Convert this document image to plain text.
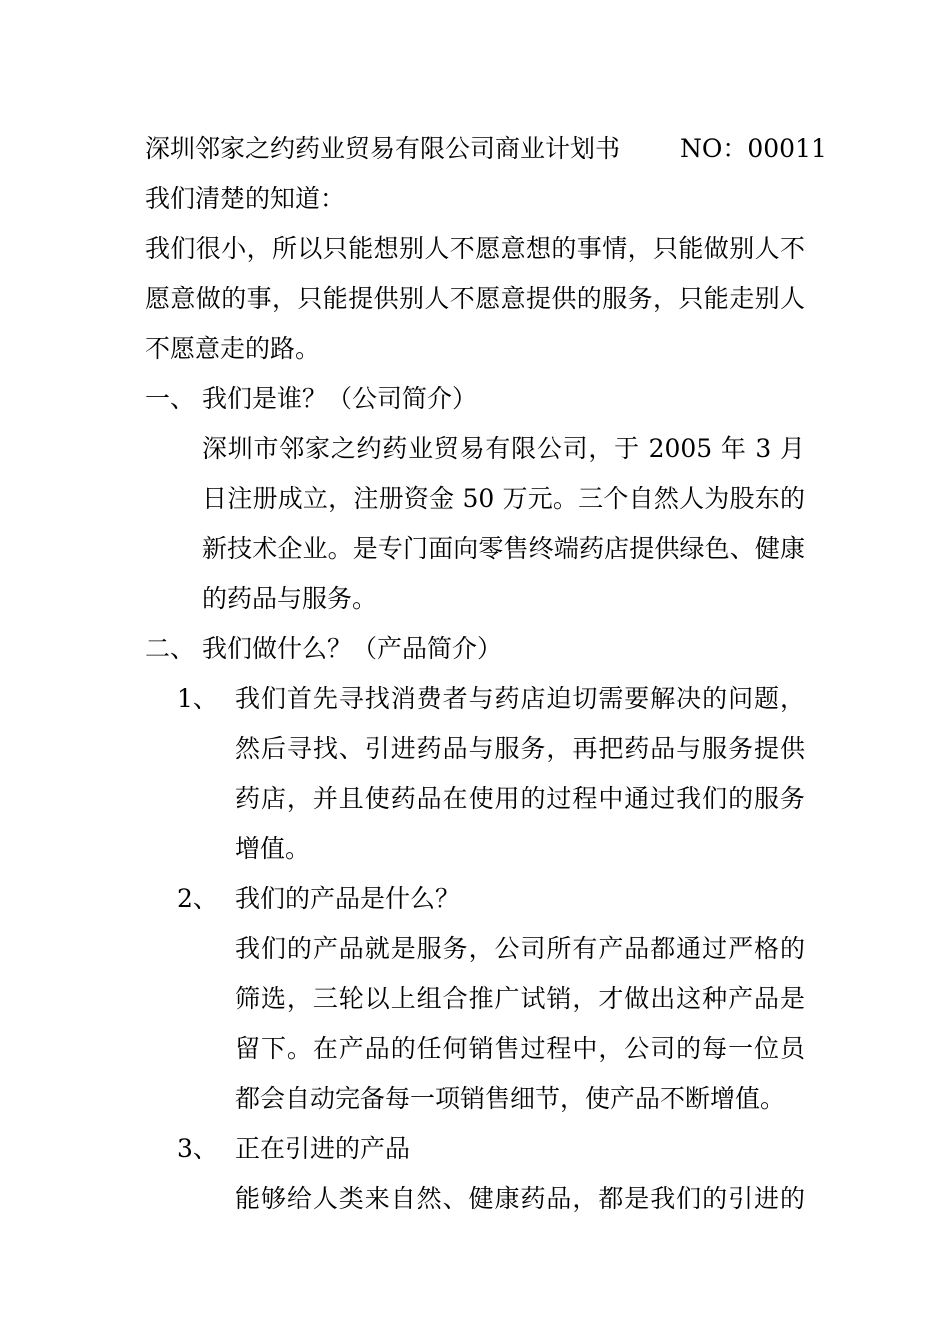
深圳邻家之约药业贸易有限公司商业计划书 NO：00011
我们清楚的知道：
我们很小，所以只能想别人不愿意想的事情，只能做别人不
愿意做的事，只能提供别人不愿意提供的服务，只能走别人
不愿意走的路。
一、 我们是谁？（公司简介）
深圳市邻家之约药业贸易有限公司，于 2005 年 3 月
日注册成立，注册资金 50 万元。三个自然人为股东的
新技术企业。是专门面向零售终端药店提供绿色、健康
的药品与服务。
二、 我们做什么？（产品简介）
1、 我们首先寻找消费者与药店迫切需要解决的问题，
然后寻找、引进药品与服务，再把药品与服务提供
药店，并且使药品在使用的过程中通过我们的服务
增值。
2、 我们的产品是什么？
我们的产品就是服务，公司所有产品都通过严格的
筛选，三轮以上组合推广试销，才做出这种产品是
留下。在产品的任何销售过程中，公司的每一位员
都会自动完备每一项销售细节，使产品不断增值。
3、 正在引进的产品
能够给人类来自然、健康药品，都是我们的引进的
